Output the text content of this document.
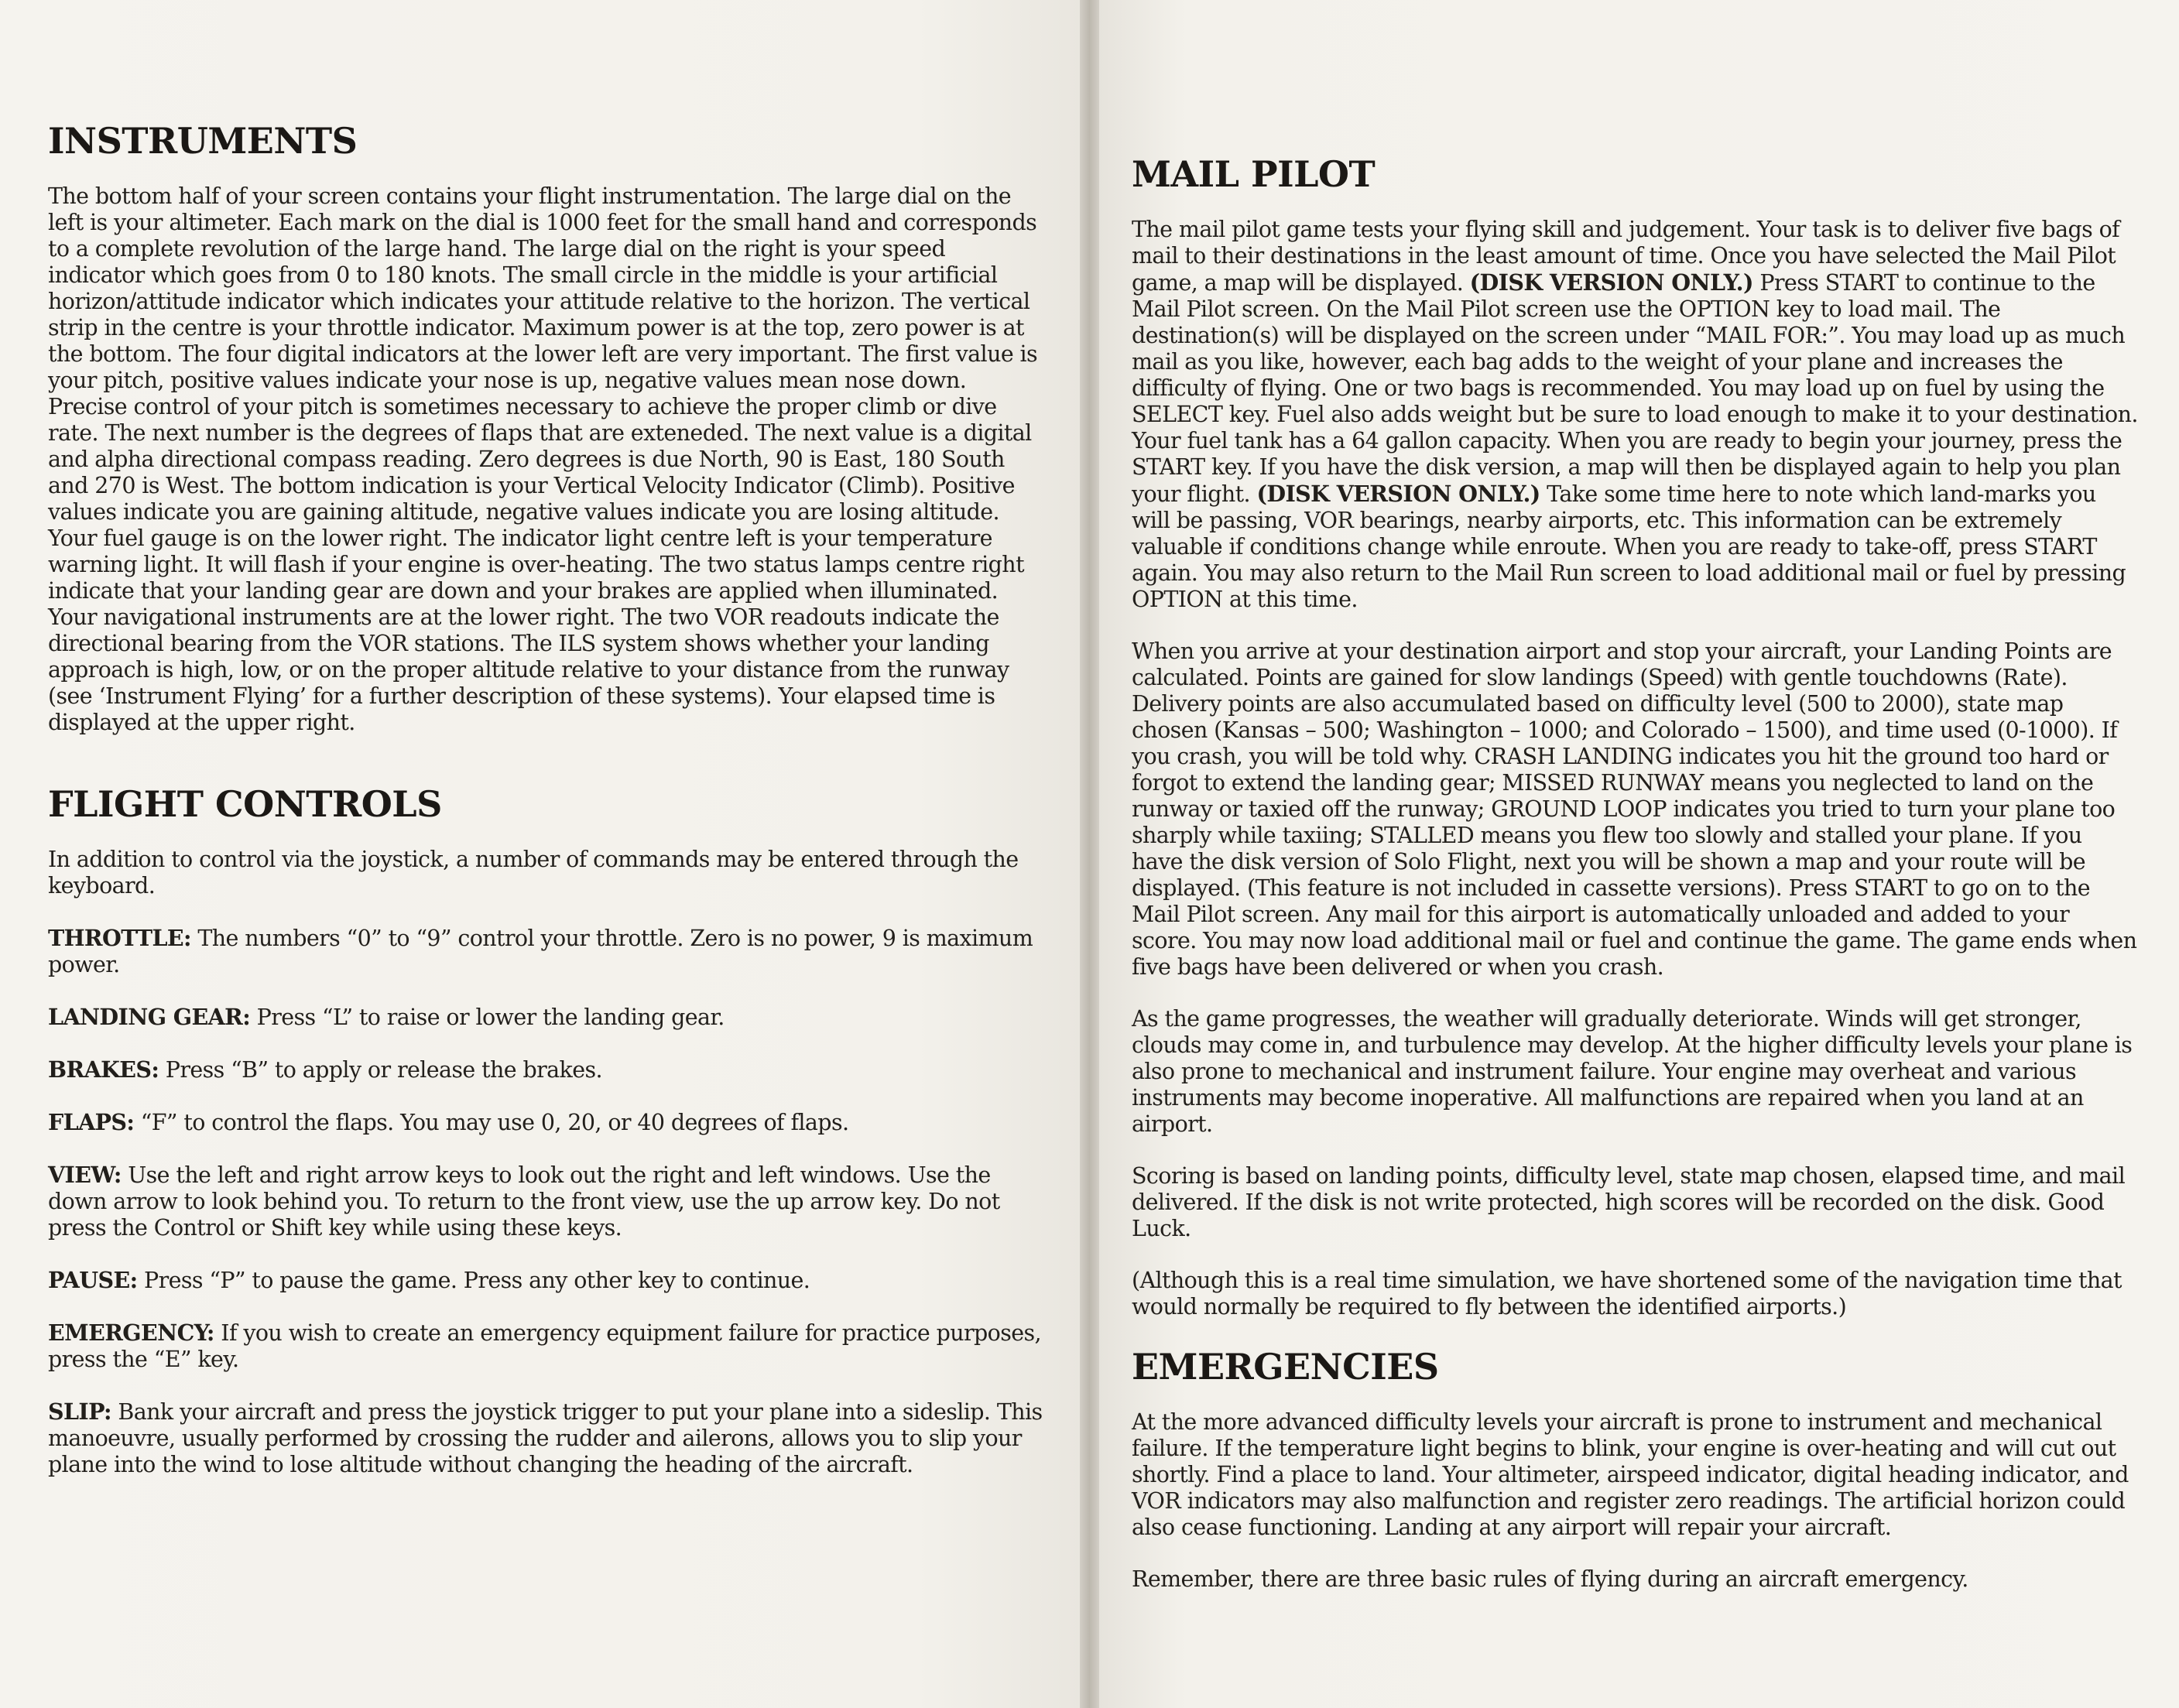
INSTRUMENTS

The bottom half of your screen contains your flight instrumentation. The large dial on the left is your altimeter. Each mark on the dial is 1000 feet for the small hand and corresponds to a complete revolution of the large hand. The large dial on the right is your speed indicator which goes from 0 to 180 knots. The small circle in the middle is your artificial horizon/attitude indicator which indicates your attitude relative to the horizon. The vertical strip in the centre is your throttle indicator. Maximum power is at the top, zero power is at the bottom. The four digital indicators at the lower left are very important. The first value is your pitch, positive values indicate your nose is up, negative values mean nose down. Precise control of your pitch is sometimes necessary to achieve the proper climb or dive rate. The next number is the degrees of flaps that are exteneded. The next value is a digital and alpha directional compass reading. Zero degrees is due North, 90 is East, 180 South and 270 is West. The bottom indication is your Vertical Velocity Indicator (Climb). Positive values indicate you are gaining altitude, negative values indicate you are losing altitude. Your fuel gauge is on the lower right. The indicator light centre left is your temperature warning light. It will flash if your engine is over-heating. The two status lamps centre right indicate that your landing gear are down and your brakes are applied when illuminated. Your navigational instruments are at the lower right. The two VOR readouts indicate the directional bearing from the VOR stations. The ILS system shows whether your landing approach is high, low, or on the proper altitude relative to your distance from the runway (see ‘Instrument Flying’ for a further description of these systems). Your elapsed time is displayed at the upper right.

FLIGHT CONTROLS

In addition to control via the joystick, a number of commands may be entered through the keyboard.

THROTTLE: The numbers “0” to “9” control your throttle. Zero is no power, 9 is maximum power.

LANDING GEAR: Press “L” to raise or lower the landing gear.

BRAKES: Press “B” to apply or release the brakes.

FLAPS: “F” to control the flaps. You may use 0, 20, or 40 degrees of flaps.

VIEW: Use the left and right arrow keys to look out the right and left windows. Use the down arrow to look behind you. To return to the front view, use the up arrow key. Do not press the Control or Shift key while using these keys.

PAUSE: Press “P” to pause the game. Press any other key to continue.

EMERGENCY: If you wish to create an emergency equipment failure for practice purposes, press the “E” key.

SLIP: Bank your aircraft and press the joystick trigger to put your plane into a sideslip. This manoeuvre, usually performed by crossing the rudder and ailerons, allows you to slip your plane into the wind to lose altitude without changing the heading of the aircraft.

MAIL PILOT

The mail pilot game tests your flying skill and judgement. Your task is to deliver five bags of mail to their destinations in the least amount of time. Once you have selected the Mail Pilot game, a map will be displayed. (DISK VERSION ONLY.) Press START to continue to the Mail Pilot screen. On the Mail Pilot screen use the OPTION key to load mail. The destination(s) will be displayed on the screen under “MAIL FOR:”. You may load up as much mail as you like, however, each bag adds to the weight of your plane and increases the difficulty of flying. One or two bags is recommended. You may load up on fuel by using the SELECT key. Fuel also adds weight but be sure to load enough to make it to your destination. Your fuel tank has a 64 gallon capacity. When you are ready to begin your journey, press the START key. If you have the disk version, a map will then be displayed again to help you plan your flight. (DISK VERSION ONLY.) Take some time here to note which land-marks you will be passing, VOR bearings, nearby airports, etc. This information can be extremely valuable if conditions change while enroute. When you are ready to take-off, press START again. You may also return to the Mail Run screen to load additional mail or fuel by pressing OPTION at this time.

When you arrive at your destination airport and stop your aircraft, your Landing Points are calculated. Points are gained for slow landings (Speed) with gentle touchdowns (Rate). Delivery points are also accumulated based on difficulty level (500 to 2000), state map chosen (Kansas – 500; Washington – 1000; and Colorado – 1500), and time used (0-1000). If you crash, you will be told why. CRASH LANDING indicates you hit the ground too hard or forgot to extend the landing gear; MISSED RUNWAY means you neglected to land on the runway or taxied off the runway; GROUND LOOP indicates you tried to turn your plane too sharply while taxiing; STALLED means you flew too slowly and stalled your plane. If you have the disk version of Solo Flight, next you will be shown a map and your route will be displayed. (This feature is not included in cassette versions). Press START to go on to the Mail Pilot screen. Any mail for this airport is automatically unloaded and added to your score. You may now load additional mail or fuel and continue the game. The game ends when five bags have been delivered or when you crash.

As the game progresses, the weather will gradually deteriorate. Winds will get stronger, clouds may come in, and turbulence may develop. At the higher difficulty levels your plane is also prone to mechanical and instrument failure. Your engine may overheat and various instruments may become inoperative. All malfunctions are repaired when you land at an airport.

Scoring is based on landing points, difficulty level, state map chosen, elapsed time, and mail delivered. If the disk is not write protected, high scores will be recorded on the disk. Good Luck.

(Although this is a real time simulation, we have shortened some of the navigation time that would normally be required to fly between the identified airports.)

EMERGENCIES

At the more advanced difficulty levels your aircraft is prone to instrument and mechanical failure. If the temperature light begins to blink, your engine is over-heating and will cut out shortly. Find a place to land. Your altimeter, airspeed indicator, digital heading indicator, and VOR indicators may also malfunction and register zero readings. The artificial horizon could also cease functioning. Landing at any airport will repair your aircraft.

Remember, there are three basic rules of flying during an aircraft emergency.
